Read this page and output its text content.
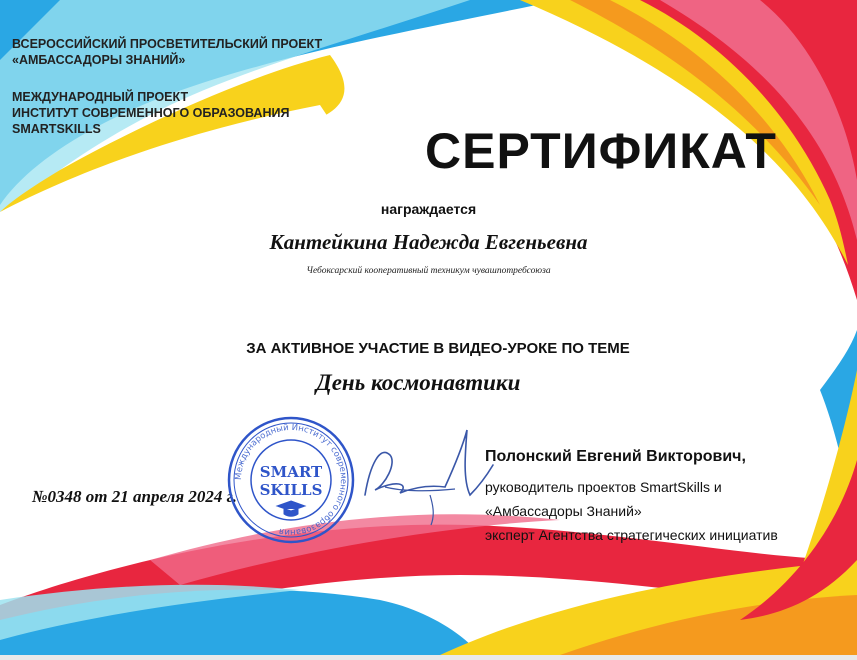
ВСЕРОССИЙСКИЙ ПРОСВЕТИТЕЛЬСКИЙ ПРОЕКТ
«АМБАССАДОРЫ ЗНАНИЙ»
МЕЖДУНАРОДНЫЙ ПРОЕКТ
ИНСТИТУТ СОВРЕМЕННОГО ОБРАЗОВАНИЯ
SMARTSKILLS	СЕРТИФИКАТ
награждается
Кантейкина Надежда Евгеньевна
Чебоксарский кооперативный техникум чувашпотребсоюза
ЗА АКТИВНОЕ УЧАСТИЕ В ВИДЕО-УРОКЕ ПО ТЕМЕ
День космонавтики
№0348 от 21 апреля 2024 г.
Международный Институт современного образования
SMART
SKILLS
Полонский Евгений Викторович,
руководитель проектов SmartSkills и
«Амбассадоры Знаний»
эксперт Агентства стратегических инициатив
